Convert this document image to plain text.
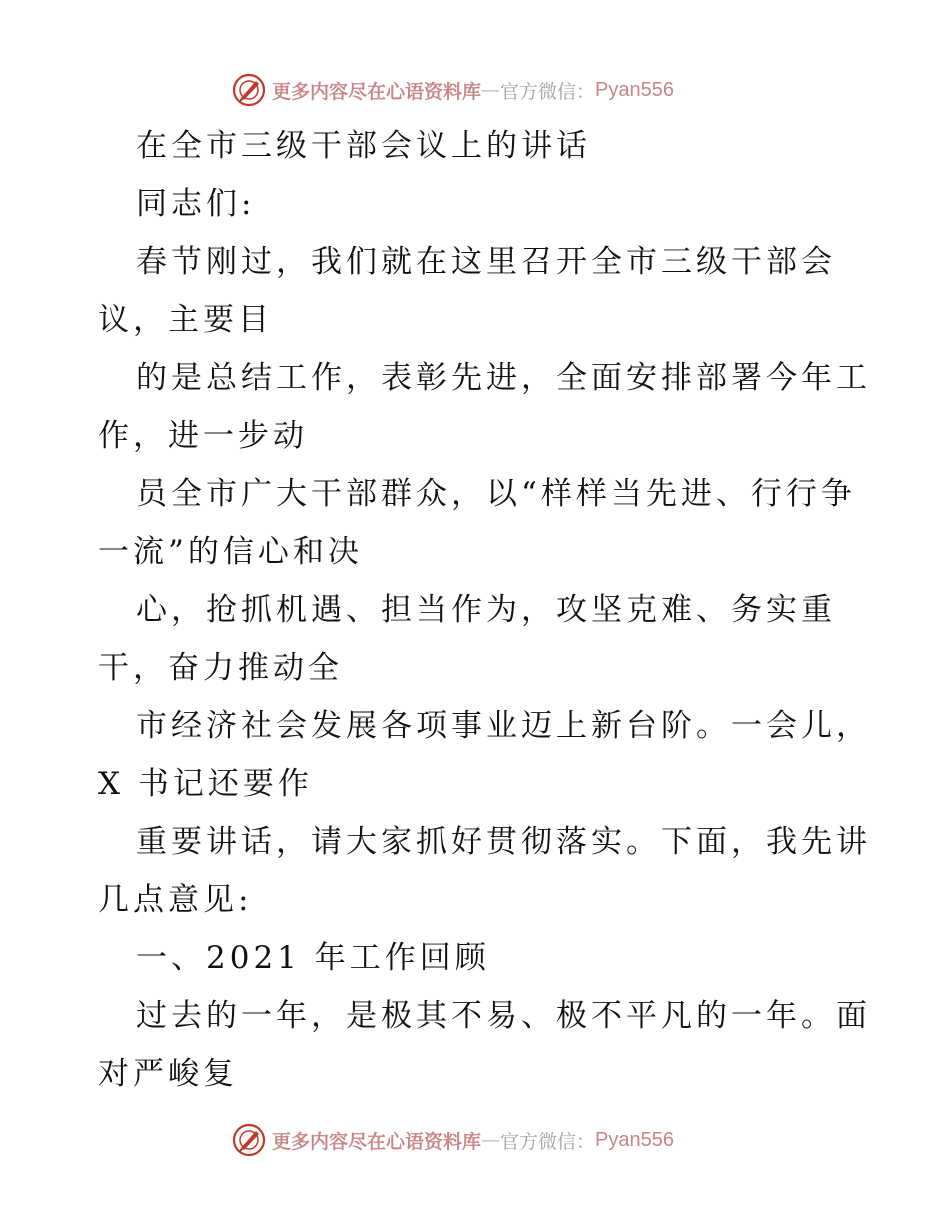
更多内容尽在心语资料库 — 官方微信： Pyan556
在全市三级干部会议上的讲话
同志们:
春节刚过，我们就在这里召开全市三级干部会
议，主要目
的是总结工作，表彰先进，全面安排部署今年工
作，进一步动
员全市广大干部群众，以“样样当先进、行行争
一流”的信心和决
心，抢抓机遇、担当作为，攻坚克难、务实重
干，奋力推动全
市经济社会发展各项事业迈上新台阶。一会儿，
X 书记还要作
重要讲话，请大家抓好贯彻落实。下面，我先讲
几点意见:
一、2021 年工作回顾
过去的一年，是极其不易、极不平凡的一年。面
对严峻复
更多内容尽在心语资料库 — 官方微信： Pyan556
